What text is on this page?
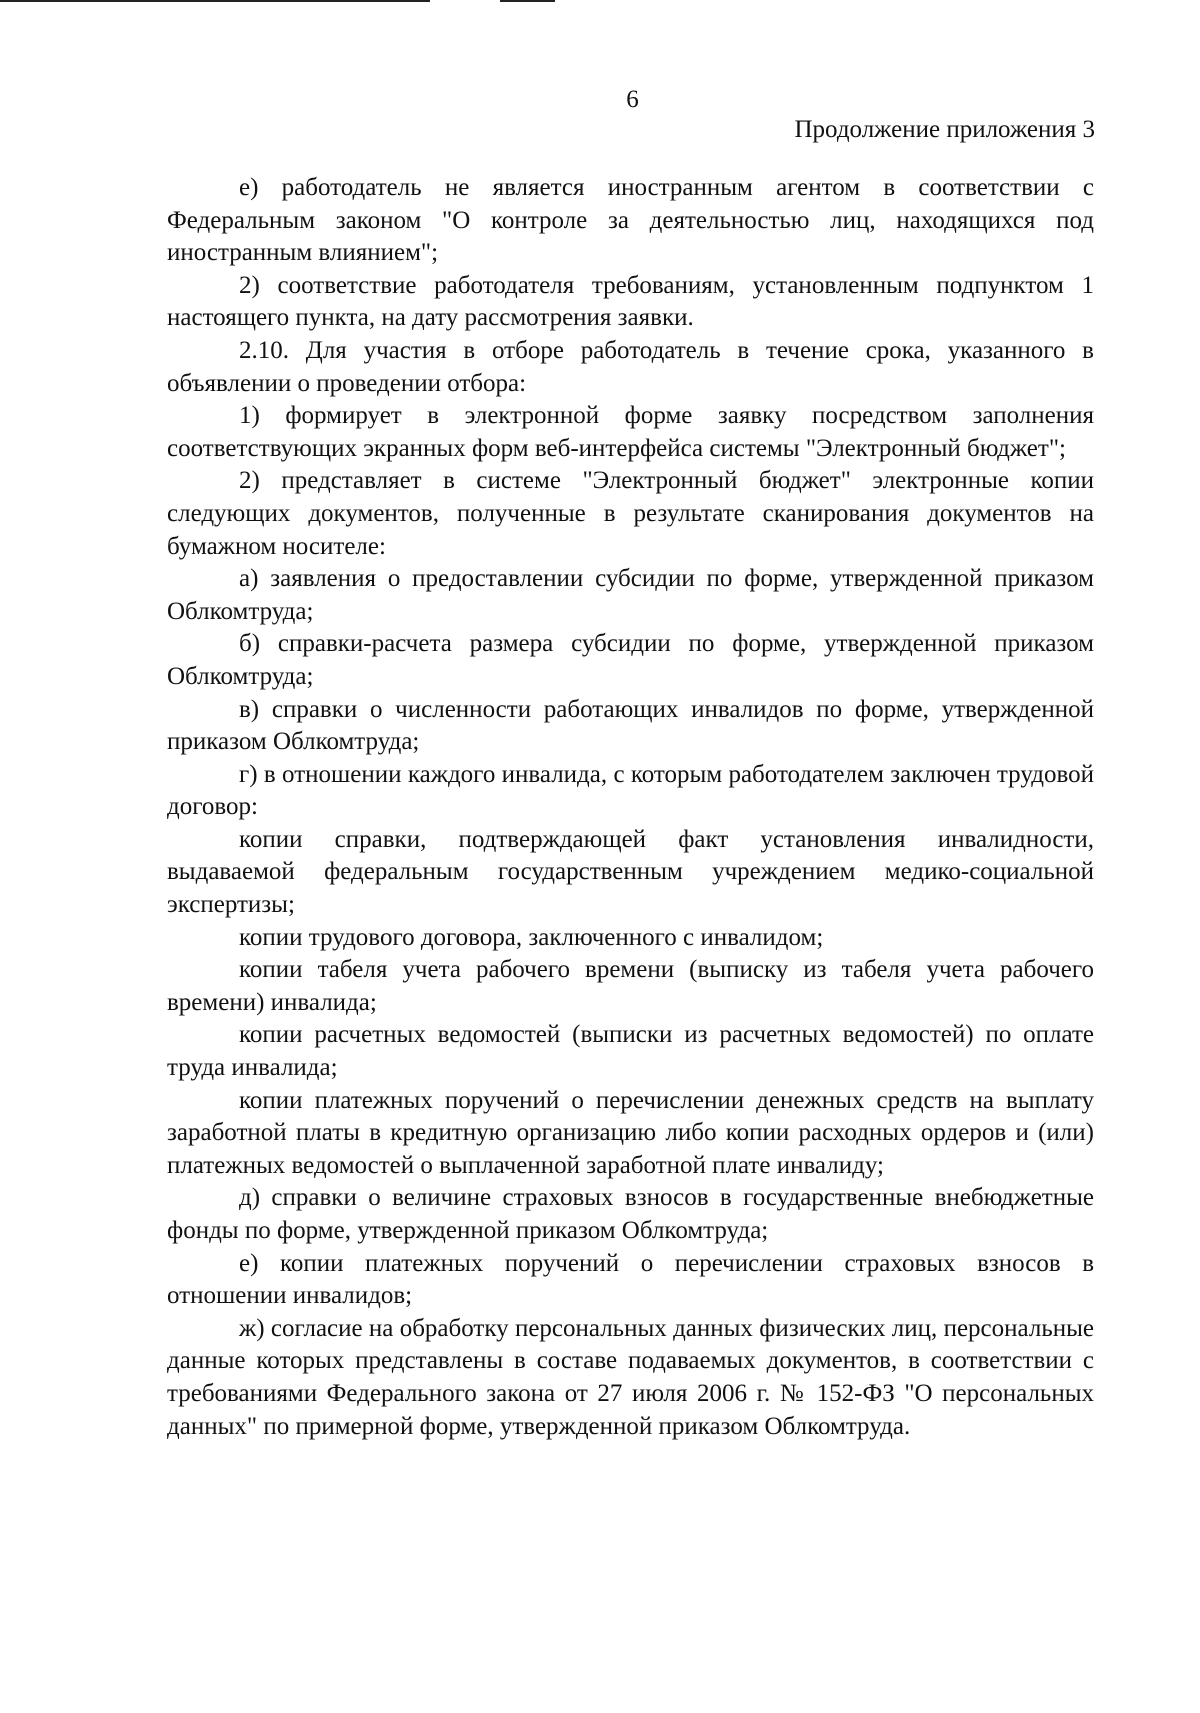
6
Продолжение приложения 3

е) работодатель не является иностранным агентом в соответствии с Федеральным законом "О контроле за деятельностью лиц, находящихся под иностранным влиянием";

2) соответствие работодателя требованиям, установленным подпунктом 1 настоящего пункта, на дату рассмотрения заявки.

2.10. Для участия в отборе работодатель в течение срока, указанного в объявлении о проведении отбора:

1) формирует в электронной форме заявку посредством заполнения соответствующих экранных форм веб-интерфейса системы "Электронный бюджет";

2) представляет в системе "Электронный бюджет" электронные копии следующих документов, полученные в результате сканирования документов на бумажном носителе:

а) заявления о предоставлении субсидии по форме, утвержденной приказом Облкомтруда;

б) справки-расчета размера субсидии по форме, утвержденной приказом Облкомтруда;

в) справки о численности работающих инвалидов по форме, утвержденной приказом Облкомтруда;

г) в отношении каждого инвалида, с которым работодателем заключен трудовой договор:

копии справки, подтверждающей факт установления инвалидности, выдаваемой федеральным государственным учреждением медико-социальной экспертизы;

копии трудового договора, заключенного с инвалидом;

копии табеля учета рабочего времени (выписку из табеля учета рабочего времени) инвалида;

копии расчетных ведомостей (выписки из расчетных ведомостей) по оплате труда инвалида;

копии платежных поручений о перечислении денежных средств на выплату заработной платы в кредитную организацию либо копии расходных ордеров и (или) платежных ведомостей о выплаченной заработной плате инвалиду;

д) справки о величине страховых взносов в государственные внебюджетные фонды по форме, утвержденной приказом Облкомтруда;

е) копии платежных поручений о перечислении страховых взносов в отношении инвалидов;

ж) согласие на обработку персональных данных физических лиц, персональные данные которых представлены в составе подаваемых документов, в соответствии с требованиями Федерального закона от 27 июля 2006 г. № 152-ФЗ "О персональных данных" по примерной форме, утвержденной приказом Облкомтруда.
